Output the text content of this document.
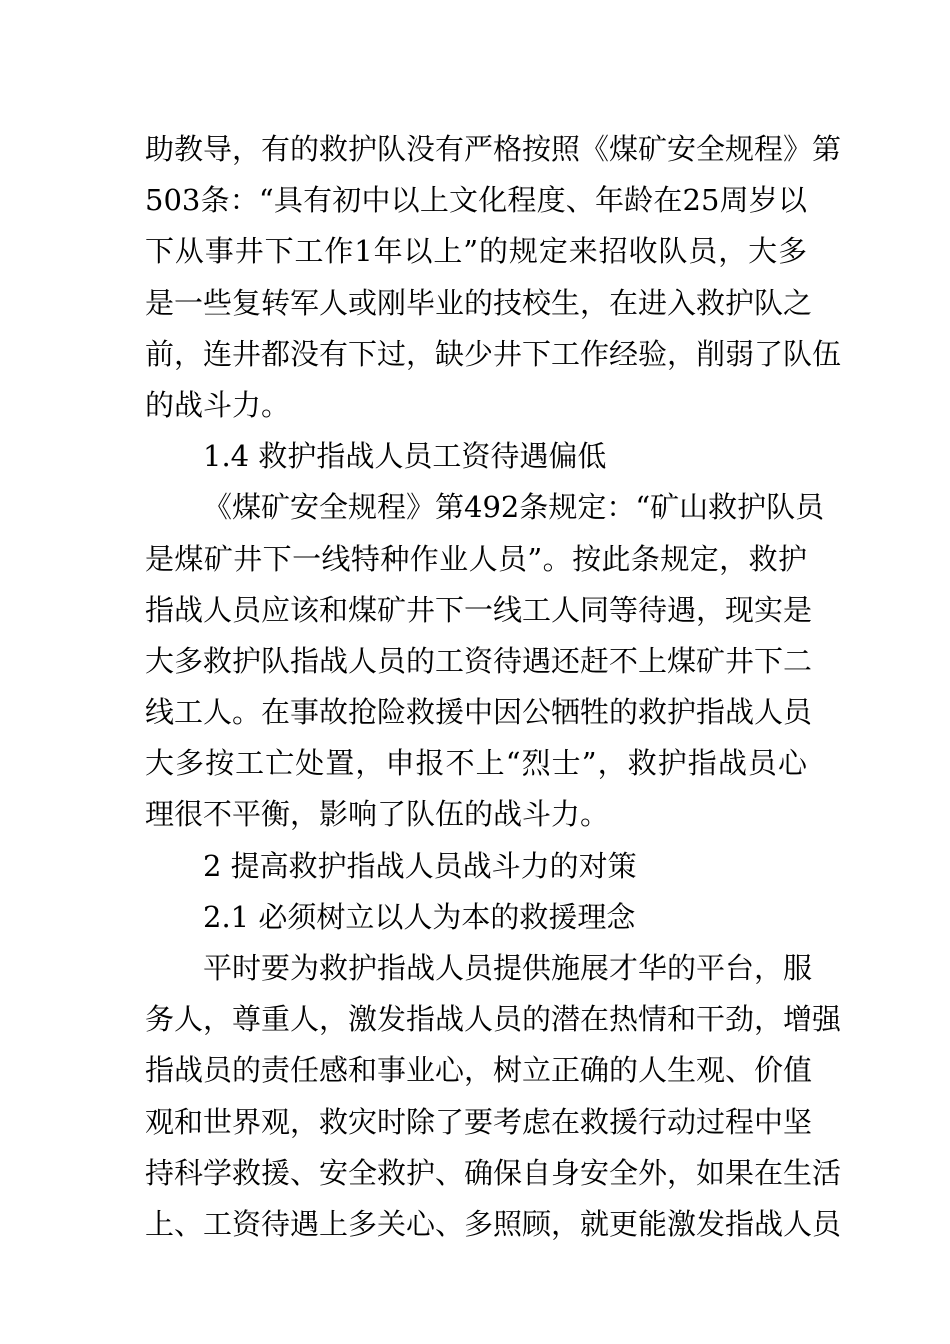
助教导，有的救护队没有严格按照《煤矿安全规程》第
503条：“具有初中以上文化程度、年龄在25周岁以
下从事井下工作1年以上”的规定来招收队员，大多
是一些复转军人或刚毕业的技校生，在进入救护队之
前，连井都没有下过，缺少井下工作经验，削弱了队伍
的战斗力。
1.4 救护指战人员工资待遇偏低
《煤矿安全规程》第492条规定：“矿山救护队员
是煤矿井下一线特种作业人员”。按此条规定，救护
指战人员应该和煤矿井下一线工人同等待遇，现实是
大多救护队指战人员的工资待遇还赶不上煤矿井下二
线工人。在事故抢险救援中因公牺牲的救护指战人员
大多按工亡处置，申报不上“烈士”，救护指战员心
理很不平衡，影响了队伍的战斗力。
2 提高救护指战人员战斗力的对策
2.1 必须树立以人为本的救援理念
平时要为救护指战人员提供施展才华的平台，服
务人，尊重人，激发指战人员的潜在热情和干劲，增强
指战员的责任感和事业心，树立正确的人生观、价值
观和世界观，救灾时除了要考虑在救援行动过程中坚
持科学救援、安全救护、确保自身安全外，如果在生活
上、工资待遇上多关心、多照顾，就更能激发指战人员
